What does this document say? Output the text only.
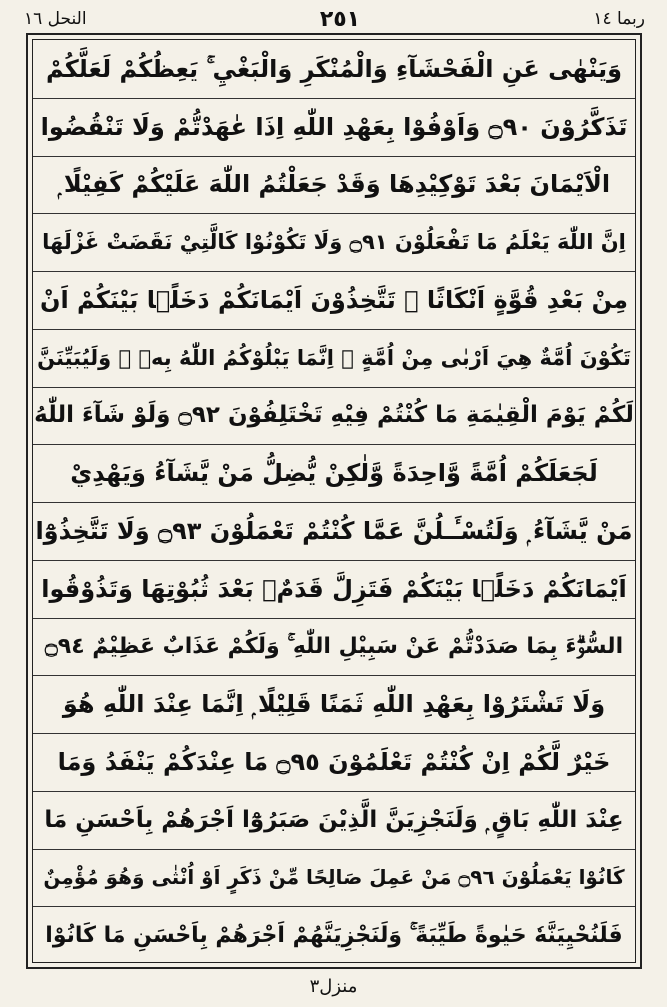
النحل ١٦	٢٥١	ربما ١٤
وَيَنْهٰى عَنِ الْفَحْشَآءِ وَالْمُنْكَرِ وَالْبَغْيِ ۚ يَعِظُكُمْ لَعَلَّكُمْ
تَذَكَّرُوْنَ ۝٩٠ وَاَوْفُوْا بِعَهْدِ اللّٰهِ اِذَا عٰهَدْتُّمْ وَلَا تَنْقُضُوا
الْاَيْمَانَ بَعْدَ تَوْكِيْدِهَا وَقَدْ جَعَلْتُمُ اللّٰهَ عَلَيْكُمْ كَفِيْلًا ۭ
اِنَّ اللّٰهَ يَعْلَمُ مَا تَفْعَلُوْنَ ۝٩١ وَلَا تَكُوْنُوْا كَالَّتِيْ نَقَضَتْ غَزْلَهَا
مِنْ بَعْدِ قُوَّةٍ اَنْكَاثًا ۭ تَتَّخِذُوْنَ اَيْمَانَكُمْ دَخَلًۢا بَيْنَكُمْ اَنْ
تَكُوْنَ اُمَّةٌ هِيَ اَرْبٰى مِنْ اُمَّةٍ ۭ اِنَّمَا يَبْلُوْكُمُ اللّٰهُ بِهٖ ۭ وَلَيُبَيِّنَنَّ
لَكُمْ يَوْمَ الْقِيٰمَةِ مَا كُنْتُمْ فِيْهِ تَخْتَلِفُوْنَ ۝٩٢ وَلَوْ شَآءَ اللّٰهُ
لَجَعَلَكُمْ اُمَّةً وَّاحِدَةً وَّلٰكِنْ يُّضِلُّ مَنْ يَّشَآءُ وَيَهْدِيْ
مَنْ يَّشَآءُ ۭ وَلَتُسْـَٔـلُنَّ عَمَّا كُنْتُمْ تَعْمَلُوْنَ ۝٩٣ وَلَا تَتَّخِذُوْٓا
اَيْمَانَكُمْ دَخَلًۢا بَيْنَكُمْ فَتَزِلَّ قَدَمٌۢ بَعْدَ ثُبُوْتِهَا وَتَذُوْقُوا
السُّوْۗءَ بِمَا صَدَدْتُّمْ عَنْ سَبِيْلِ اللّٰهِ ۚ وَلَكُمْ عَذَابٌ عَظِيْمٌ ۝٩٤
وَلَا تَشْتَرُوْا بِعَهْدِ اللّٰهِ ثَمَنًا قَلِيْلًا ۭ اِنَّمَا عِنْدَ اللّٰهِ هُوَ
خَيْرٌ لَّكُمْ اِنْ كُنْتُمْ تَعْلَمُوْنَ ۝٩٥ مَا عِنْدَكُمْ يَنْفَدُ وَمَا
عِنْدَ اللّٰهِ بَاقٍ ۭ وَلَنَجْزِيَنَّ الَّذِيْنَ صَبَرُوْٓا اَجْرَهُمْ بِاَحْسَنِ مَا
كَانُوْا يَعْمَلُوْنَ ۝٩٦ مَنْ عَمِلَ صَالِحًا مِّنْ ذَكَرٍ اَوْ اُنْثٰى وَهُوَ مُؤْمِنٌ
فَلَنُحْيِيَنَّهٗ حَيٰوةً طَيِّبَةً ۚ وَلَنَجْزِيَنَّهُمْ اَجْرَهُمْ بِاَحْسَنِ مَا كَانُوْا
منزل٣
